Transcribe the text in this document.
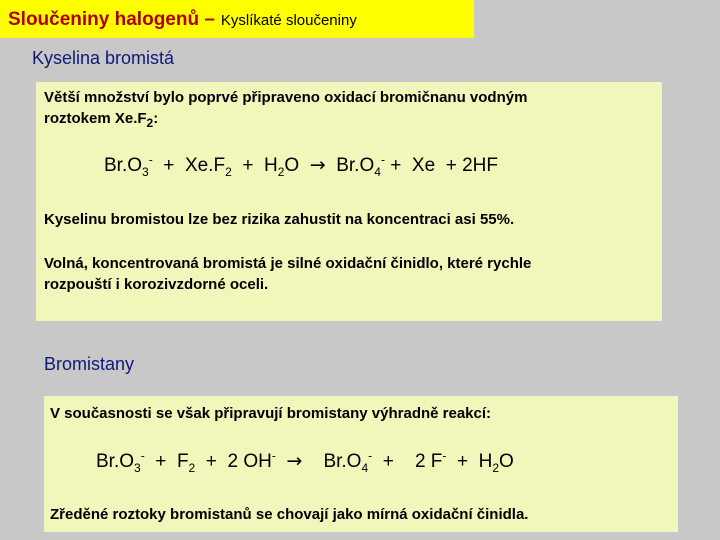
Sloučeniny halogenů – Kyslíkaté sloučeniny
Kyselina bromistá
Větší množství bylo poprvé připraveno oxidací bromičnanu vodným
roztokem $Xe.F_2$:
$Br.O_3^- + Xe.F_2 + H_2O \to Br.O_4^- + Xe + 2HF$
Kyselinu bromistou lze bez rizika zahustit na koncentraci asi 55%.
Volná, koncentrovaná bromistá je silné oxidační činidlo, které rychle
rozpouští i korozivzdorné oceli.
Bromistany
V současnosti se však připravují bromistany výhradně reakcí:
$Br.O_3^- + F_2 + 2$ $OH^- \to Br.O_4^- + 2$ $F^- + H_2O$
Zředěné roztoky bromistanů se chovají jako mírná oxidační činidla.
